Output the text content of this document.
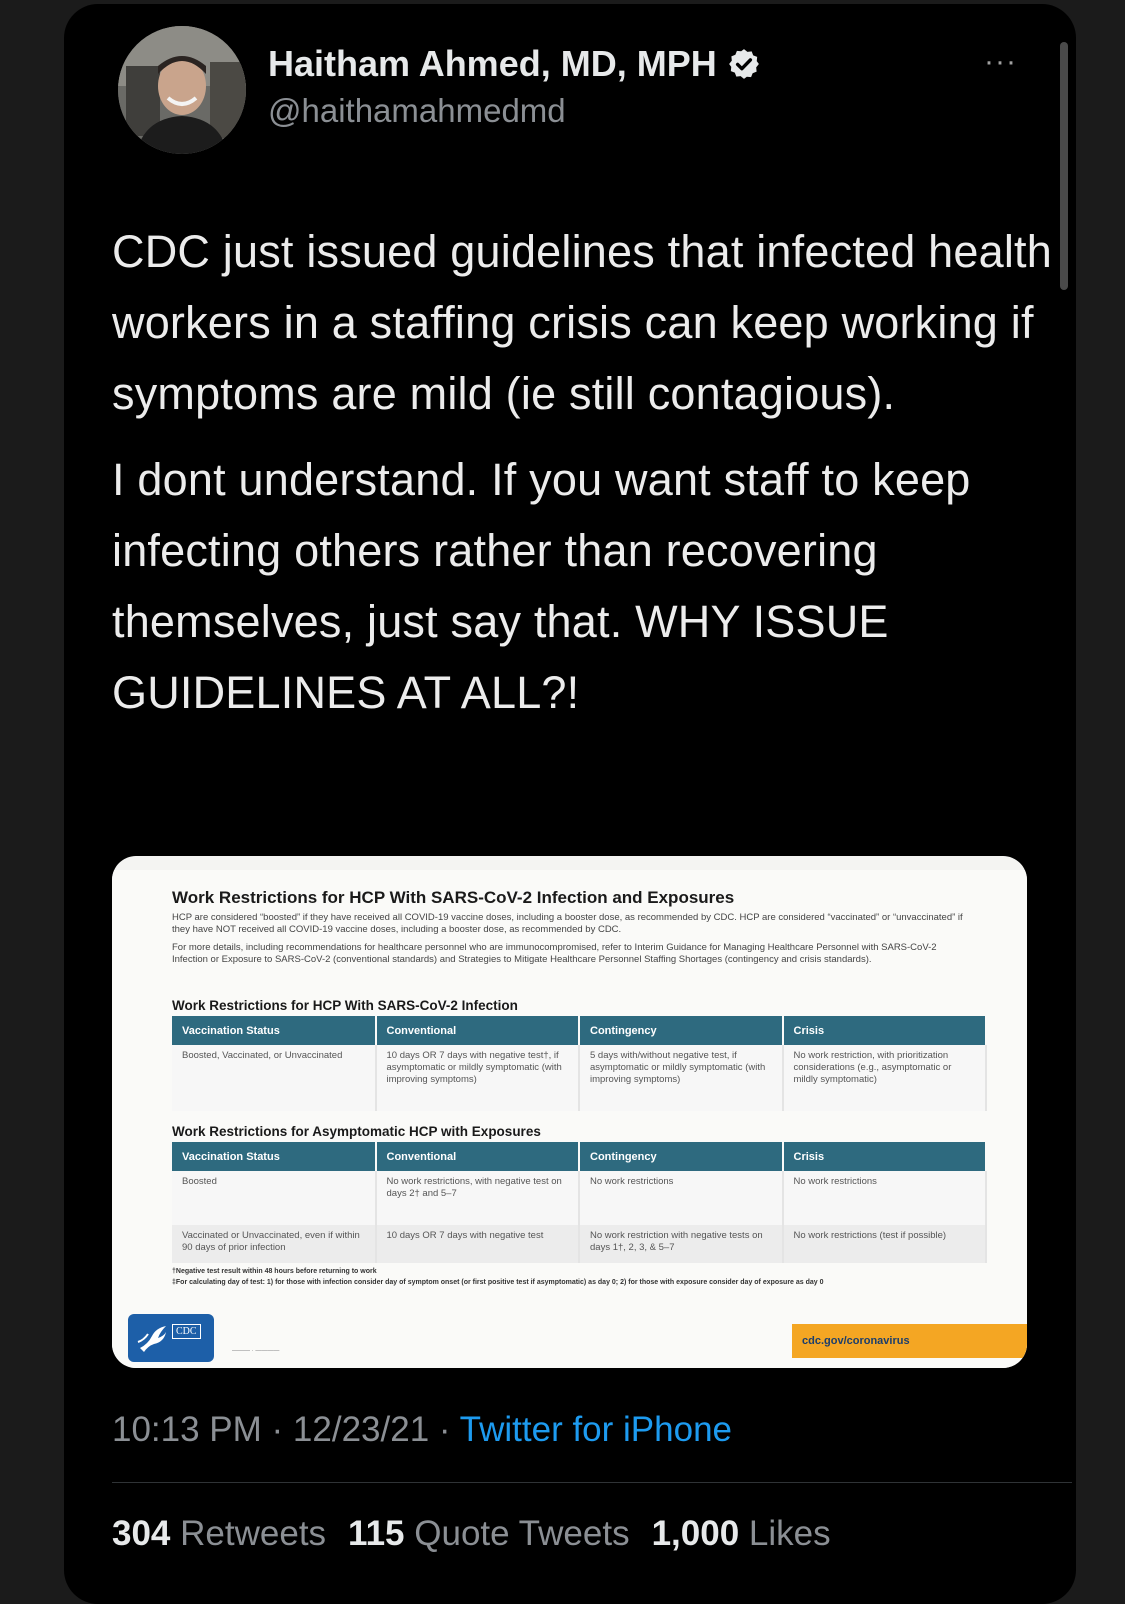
Haitham Ahmed, MD, MPH
@haithamahmedmd
···

CDC just issued guidelines that infected health workers in a staffing crisis can keep working if symptoms are mild (ie still contagious).

I dont understand. If you want staff to keep infecting others rather than recovering themselves, just say that. WHY ISSUE GUIDELINES AT ALL?!

Work Restrictions for HCP With SARS-CoV-2 Infection and Exposures
HCP are considered “boosted” if they have received all COVID-19 vaccine doses, including a booster dose, as recommended by CDC. HCP are considered “vaccinated” or “unvaccinated” if they have NOT received all COVID-19 vaccine doses, including a booster dose, as recommended by CDC.
For more details, including recommendations for healthcare personnel who are immunocompromised, refer to Interim Guidance for Managing Healthcare Personnel with SARS-CoV-2 Infection or Exposure to SARS-CoV-2 (conventional standards) and Strategies to Mitigate Healthcare Personnel Staffing Shortages (contingency and crisis standards).
Work Restrictions for HCP With SARS-CoV-2 Infection
Vaccination Status	Conventional	Contingency	Crisis
Boosted, Vaccinated, or Unvaccinated	10 days OR 7 days with negative test†, if asymptomatic or mildly symptomatic (with improving symptoms)	5 days with/without negative test, if asymptomatic or mildly symptomatic (with improving symptoms)	No work restriction, with prioritization considerations (e.g., asymptomatic or mildly symptomatic)
Work Restrictions for Asymptomatic HCP with Exposures
Vaccination Status	Conventional	Contingency	Crisis
Boosted	No work restrictions, with negative test on days 2† and 5–7	No work restrictions	No work restrictions
Vaccinated or Unvaccinated, even if within 90 days of prior infection	10 days OR 7 days with negative test	No work restriction with negative tests on days 1†, 2, 3, & 5–7	No work restrictions (test if possible)
†Negative test result within 48 hours before returning to work
‡For calculating day of test: 1) for those with infection consider day of symptom onset (or first positive test if asymptomatic) as day 0; 2) for those with exposure consider day of exposure as day 0
CDC
——— · ————
cdc.gov/coronavirus
10:13 PM · 12/23/21 · Twitter for iPhone
304 Retweets 115 Quote Tweets 1,000 Likes
